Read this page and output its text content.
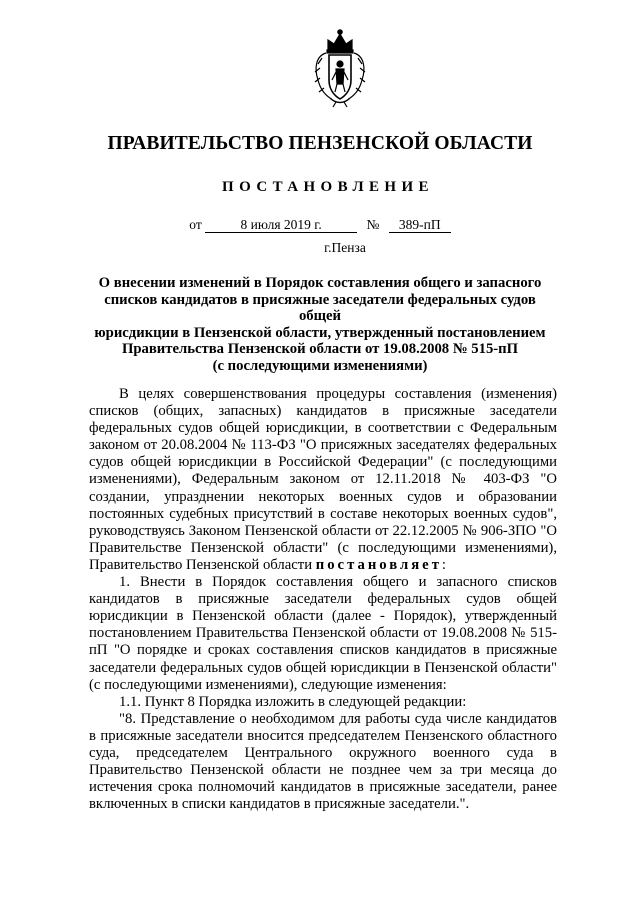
ПРАВИТЕЛЬСТВО ПЕНЗЕНСКОЙ ОБЛАСТИ
ПОСТАНОВЛЕНИЕ
от	8 июля 2019 г.	№ 389-пП
г.Пенза
О внесении изменений в Порядок составления общего и запасного
списков кандидатов в присяжные заседатели федеральных судов общей
юрисдикции в Пензенской области, утвержденный постановлением
Правительства Пензенской области от 19.08.2008 № 515-пП
(с последующими изменениями)

В целях совершенствования процедуры составления (изменения) списков (общих, запасных) кандидатов в присяжные заседатели федеральных судов общей юрисдикции, в соответствии с Федеральным законом от 20.08.2004 № 113-ФЗ "О присяжных заседателях федеральных судов общей юрисдикции в Российской Федерации" (с последующими изменениями), Федеральным законом от 12.11.2018 № 403-ФЗ "О создании, упразднении некоторых военных судов и образовании постоянных судебных присутствий в составе некоторых военных судов", руководствуясь Законом Пензенской области от 22.12.2005 № 906-ЗПО "О Правительстве Пензенской области" (с последующими изменениями), Правительство Пензенской области постановляет:

1. Внести в Порядок составления общего и запасного списков кандидатов в присяжные заседатели федеральных судов общей юрисдикции в Пензенской области (далее - Порядок), утвержденный постановлением Правительства Пензенской области от 19.08.2008 № 515-пП "О порядке и сроках составления списков кандидатов в присяжные заседатели федеральных судов общей юрисдикции в Пензенской области" (с последующими изменениями), следующие изменения:

1.1. Пункт 8 Порядка изложить в следующей редакции:

"8. Представление о необходимом для работы суда числе кандидатов в присяжные заседатели вносится председателем Пензенского областного суда, председателем Центрального окружного военного суда в Правительство Пензенской области не позднее чем за три месяца до истечения срока полномочий кандидатов в присяжные заседатели, ранее включенных в списки кандидатов в присяжные заседатели.".
